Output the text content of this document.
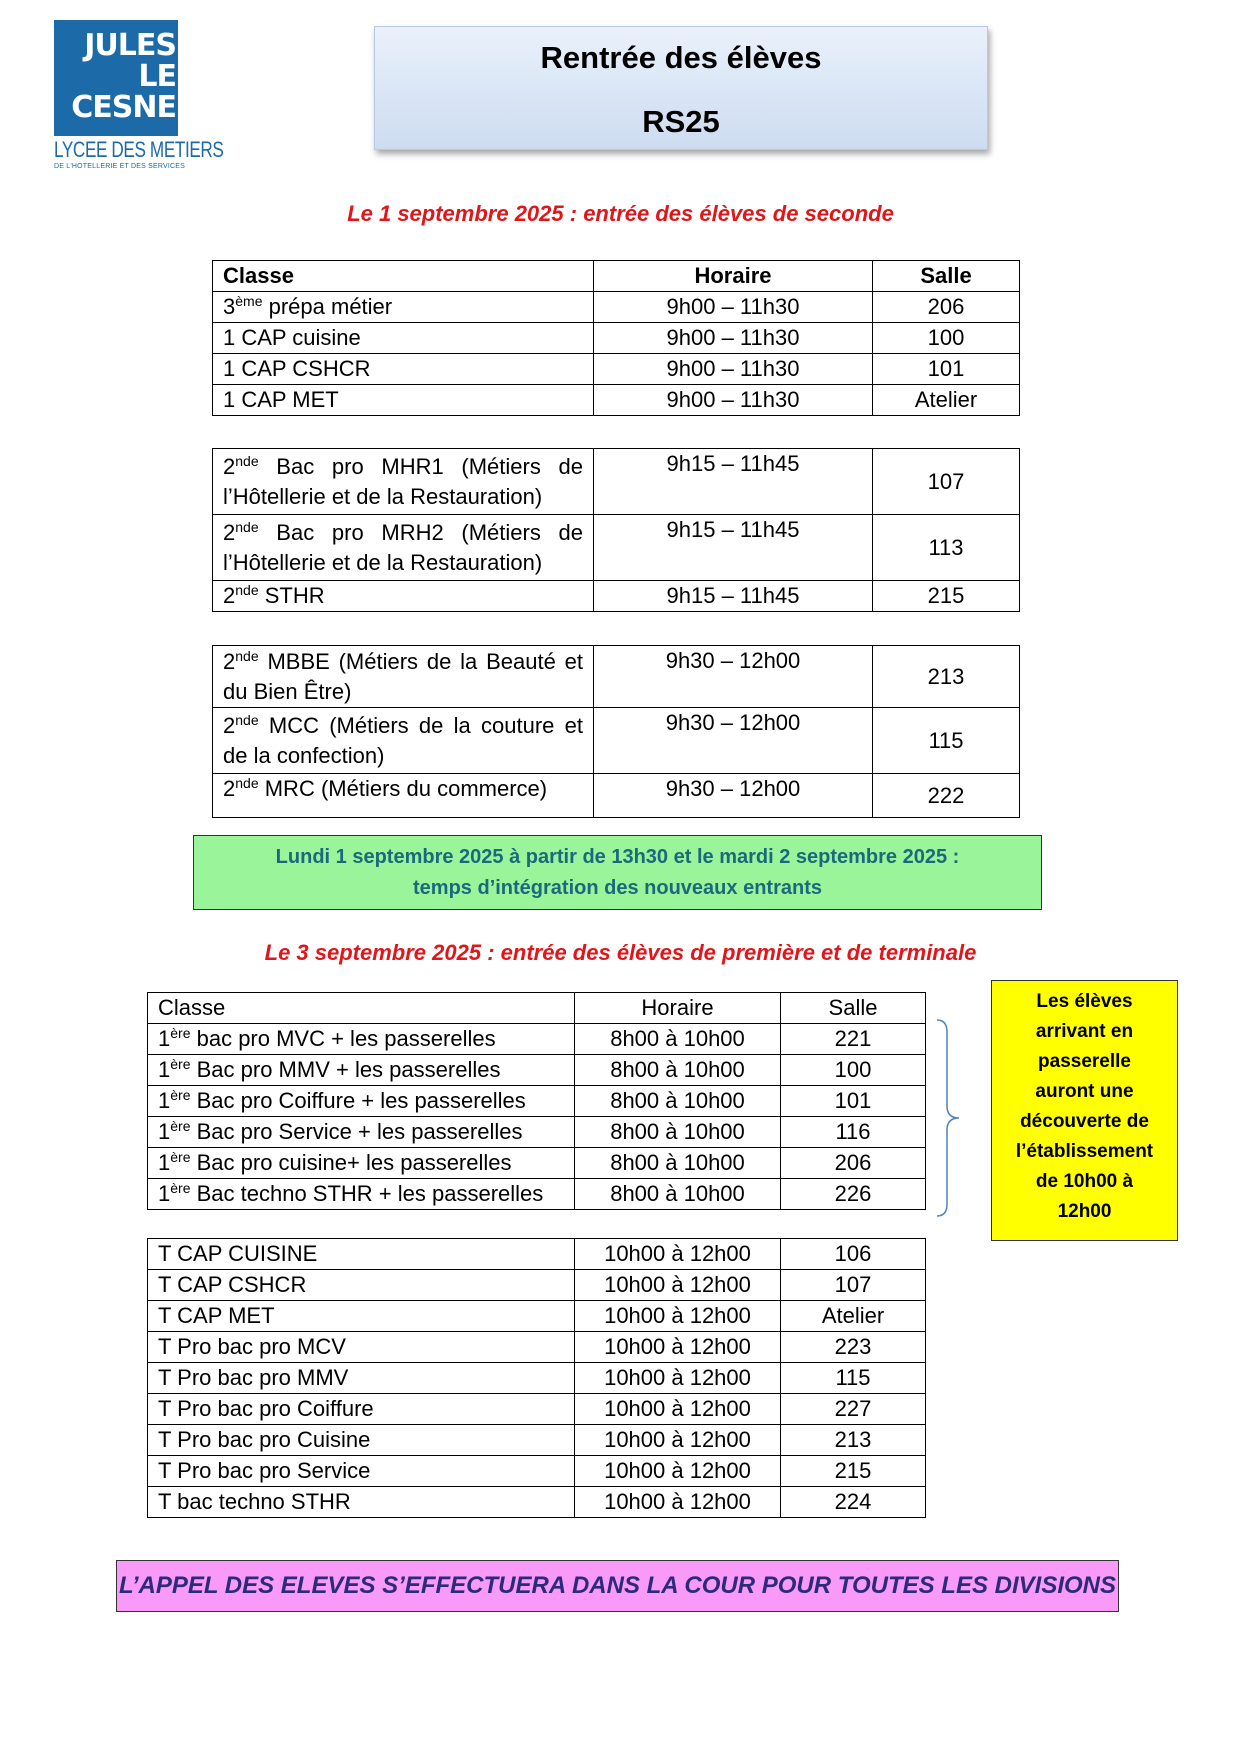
JULES
LE
CESNE
LYCEE DES METIERS
DE L'HOTELLERIE ET DES SERVICES
Rentrée des élèves
RS25
Le 1 septembre 2025 : entrée des élèves de seconde
Classe	Horaire	Salle
3ème prépa métier	9h00 – 11h30	206
1 CAP cuisine	9h00 – 11h30	100
1 CAP CSHCR	9h00 – 11h30	101
1 CAP MET	9h00 – 11h30	Atelier
2nde Bac pro MHR1 (Métiers de l’Hôtellerie et de la Restauration)	9h15 – 11h45	107
2nde Bac pro MRH2 (Métiers de l’Hôtellerie et de la Restauration)	9h15 – 11h45	113
2nde STHR	9h15 – 11h45	215
2nde MBBE (Métiers de la Beauté et du Bien Être)	9h30 – 12h00	213
2nde MCC (Métiers de la couture et de la confection)	9h30 – 12h00	115
2nde MRC (Métiers du commerce)	9h30 – 12h00	222
Lundi 1 septembre 2025 à partir de 13h30 et le mardi 2 septembre 2025 :
temps d’intégration des nouveaux entrants
Le 3 septembre 2025 : entrée des élèves de première et de terminale
Classe	Horaire	Salle
1ère bac pro MVC + les passerelles	8h00 à 10h00	221
1ère Bac pro MMV + les passerelles	8h00 à 10h00	100
1ère Bac pro Coiffure + les passerelles	8h00 à 10h00	101
1ère Bac pro Service + les passerelles	8h00 à 10h00	116
1ère Bac pro cuisine+ les passerelles	8h00 à 10h00	206
1ère Bac techno STHR + les passerelles	8h00 à 10h00	226
Les élèves
arrivant en
passerelle
auront une
découverte de
l’établissement
de 10h00 à
12h00
T CAP CUISINE	10h00 à 12h00	106
T CAP CSHCR	10h00 à 12h00	107
T CAP MET	10h00 à 12h00	Atelier
T Pro bac pro MCV	10h00 à 12h00	223
T Pro bac pro MMV	10h00 à 12h00	115
T Pro bac pro Coiffure	10h00 à 12h00	227
T Pro bac pro Cuisine	10h00 à 12h00	213
T Pro bac pro Service	10h00 à 12h00	215
T bac techno STHR	10h00 à 12h00	224
L’APPEL DES ELEVES S’EFFECTUERA DANS LA COUR POUR TOUTES LES DIVISIONS
